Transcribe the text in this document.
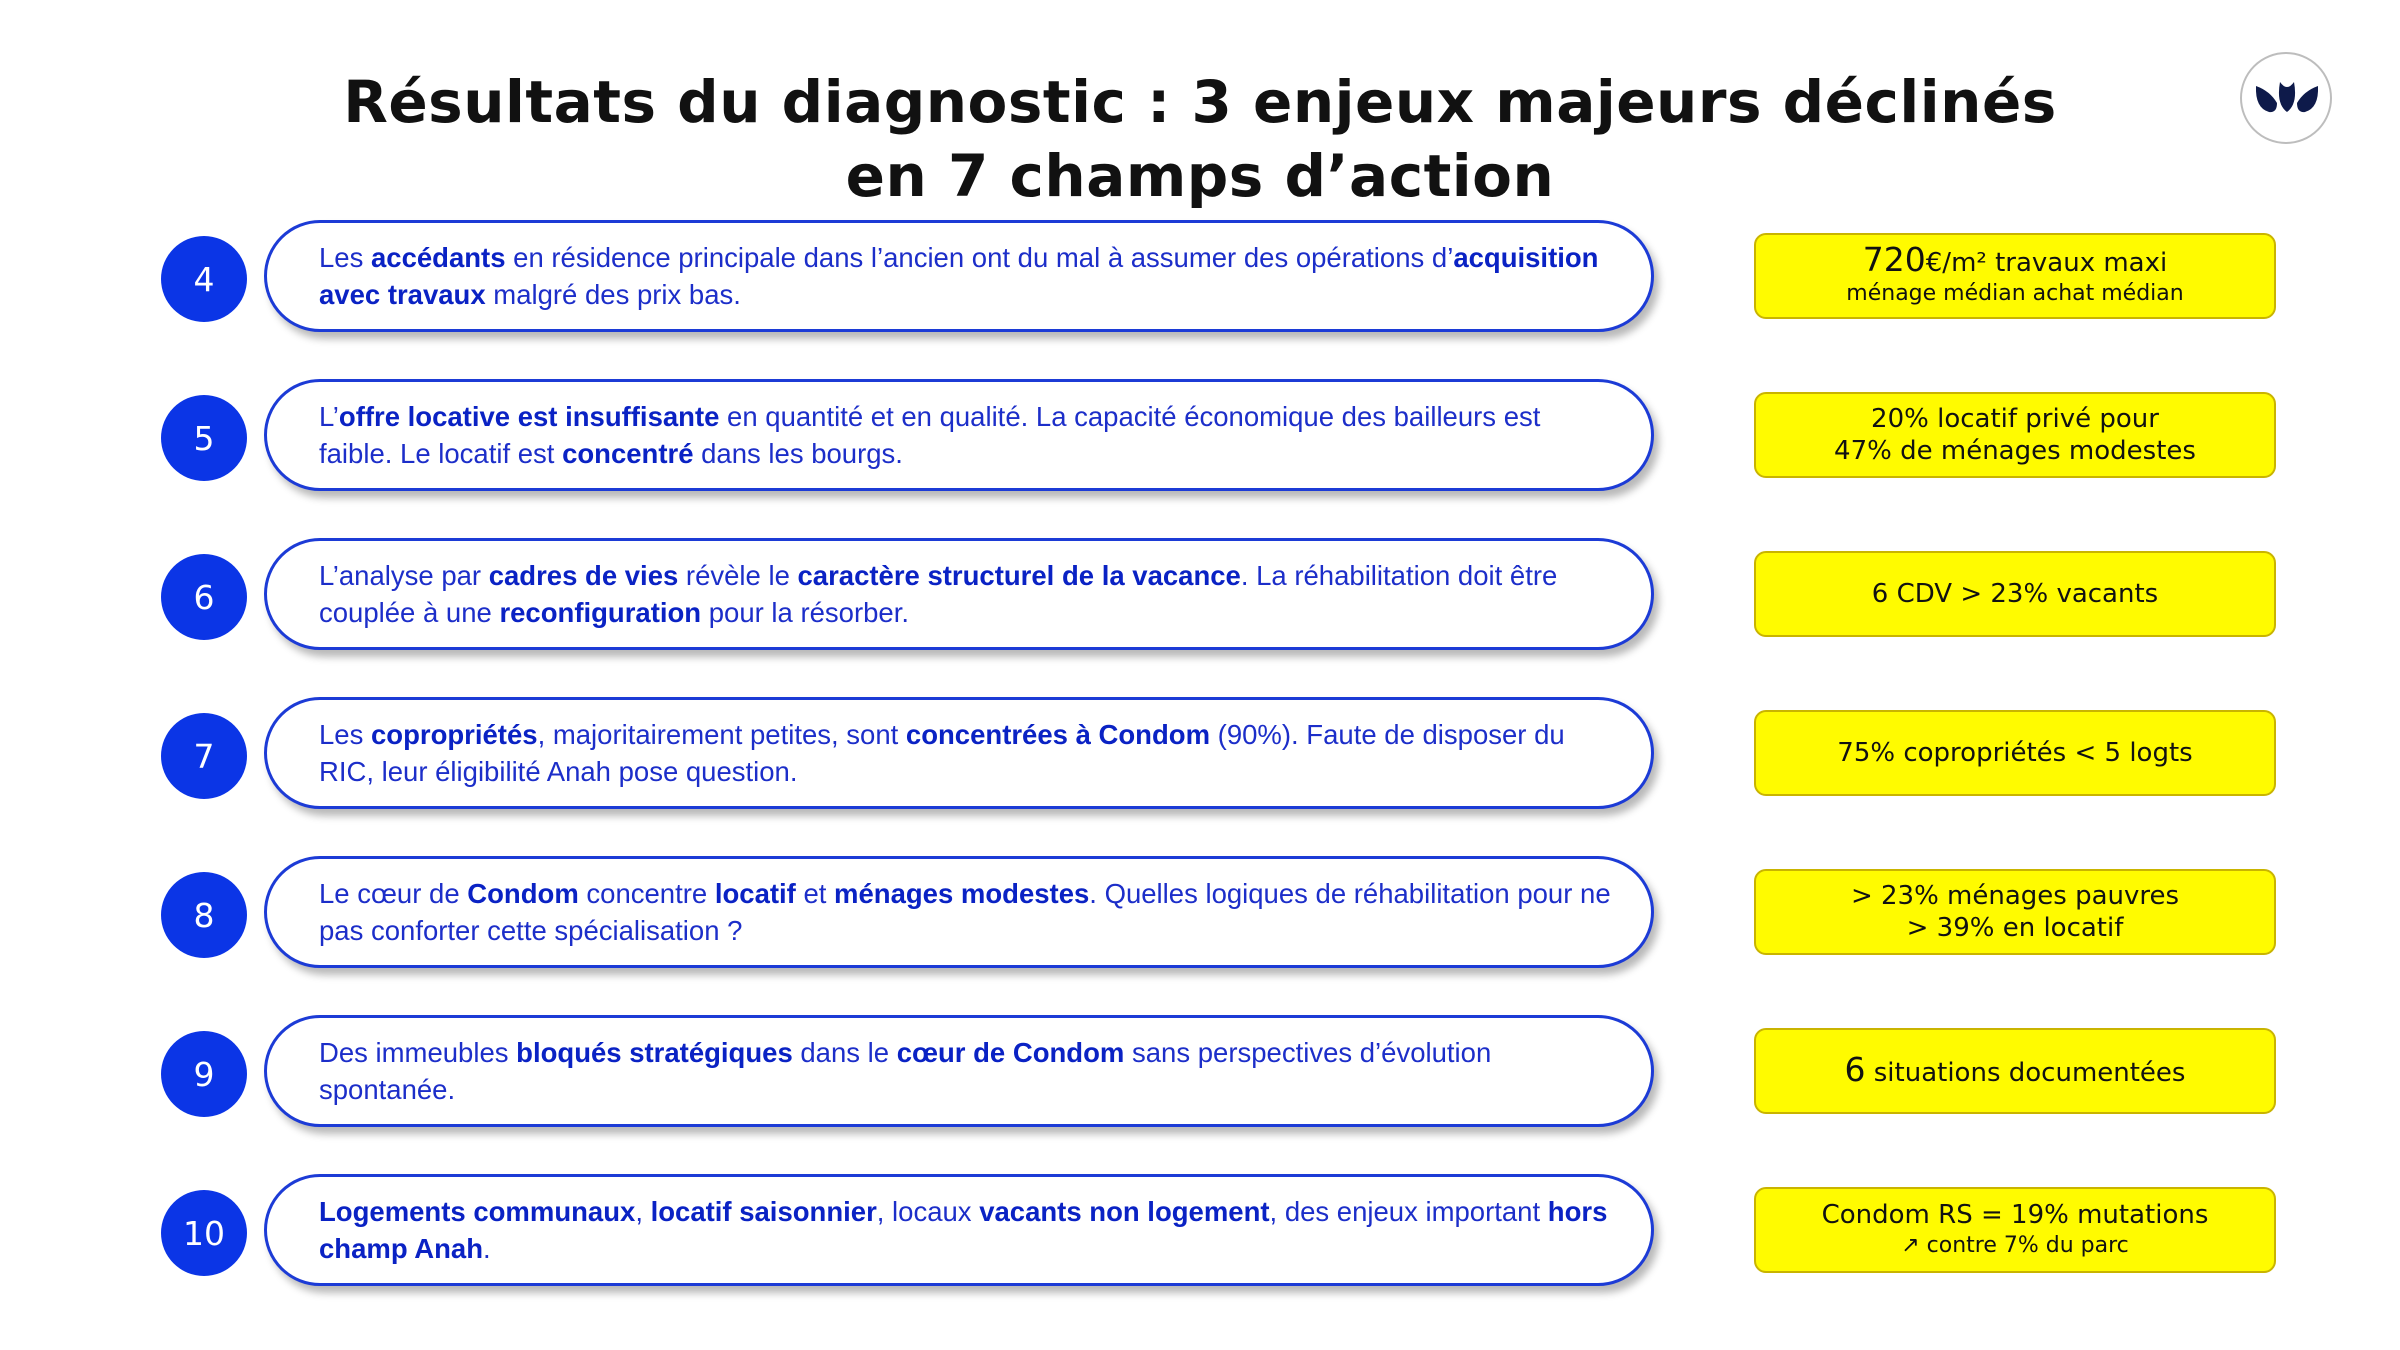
Résultats du diagnostic : 3 enjeux majeurs déclinés
en 7 champs d’action
4
Les accédants en résidence principale dans l’ancien ont du mal à assumer des opérations d’acquisition avec travaux malgré des prix bas.
720€/m² travaux maxi
ménage médian achat médian
5
L’offre locative est insuffisante en quantité et en qualité. La capacité économique des bailleurs est faible. Le locatif est concentré dans les bourgs.
20% locatif privé pour
47% de ménages modestes
6
L’analyse par cadres de vies révèle le caractère structurel de la vacance. La réhabilitation doit être couplée à une reconfiguration pour la résorber.
6 CDV > 23% vacants
7
Les copropriétés, majoritairement petites, sont concentrées à Condom (90%). Faute de disposer du RIC, leur éligibilité Anah pose question.
75% copropriétés < 5 logts
8
Le cœur de Condom concentre locatif et ménages modestes. Quelles logiques de réhabilitation pour ne pas conforter cette spécialisation ?
> 23% ménages pauvres
> 39% en locatif
9
Des immeubles bloqués stratégiques dans le cœur de Condom sans perspectives d’évolution spontanée.
6 situations documentées
10
Logements communaux, locatif saisonnier, locaux vacants non logement, des enjeux important hors champ Anah.
Condom RS = 19% mutations
↗ contre 7% du parc
